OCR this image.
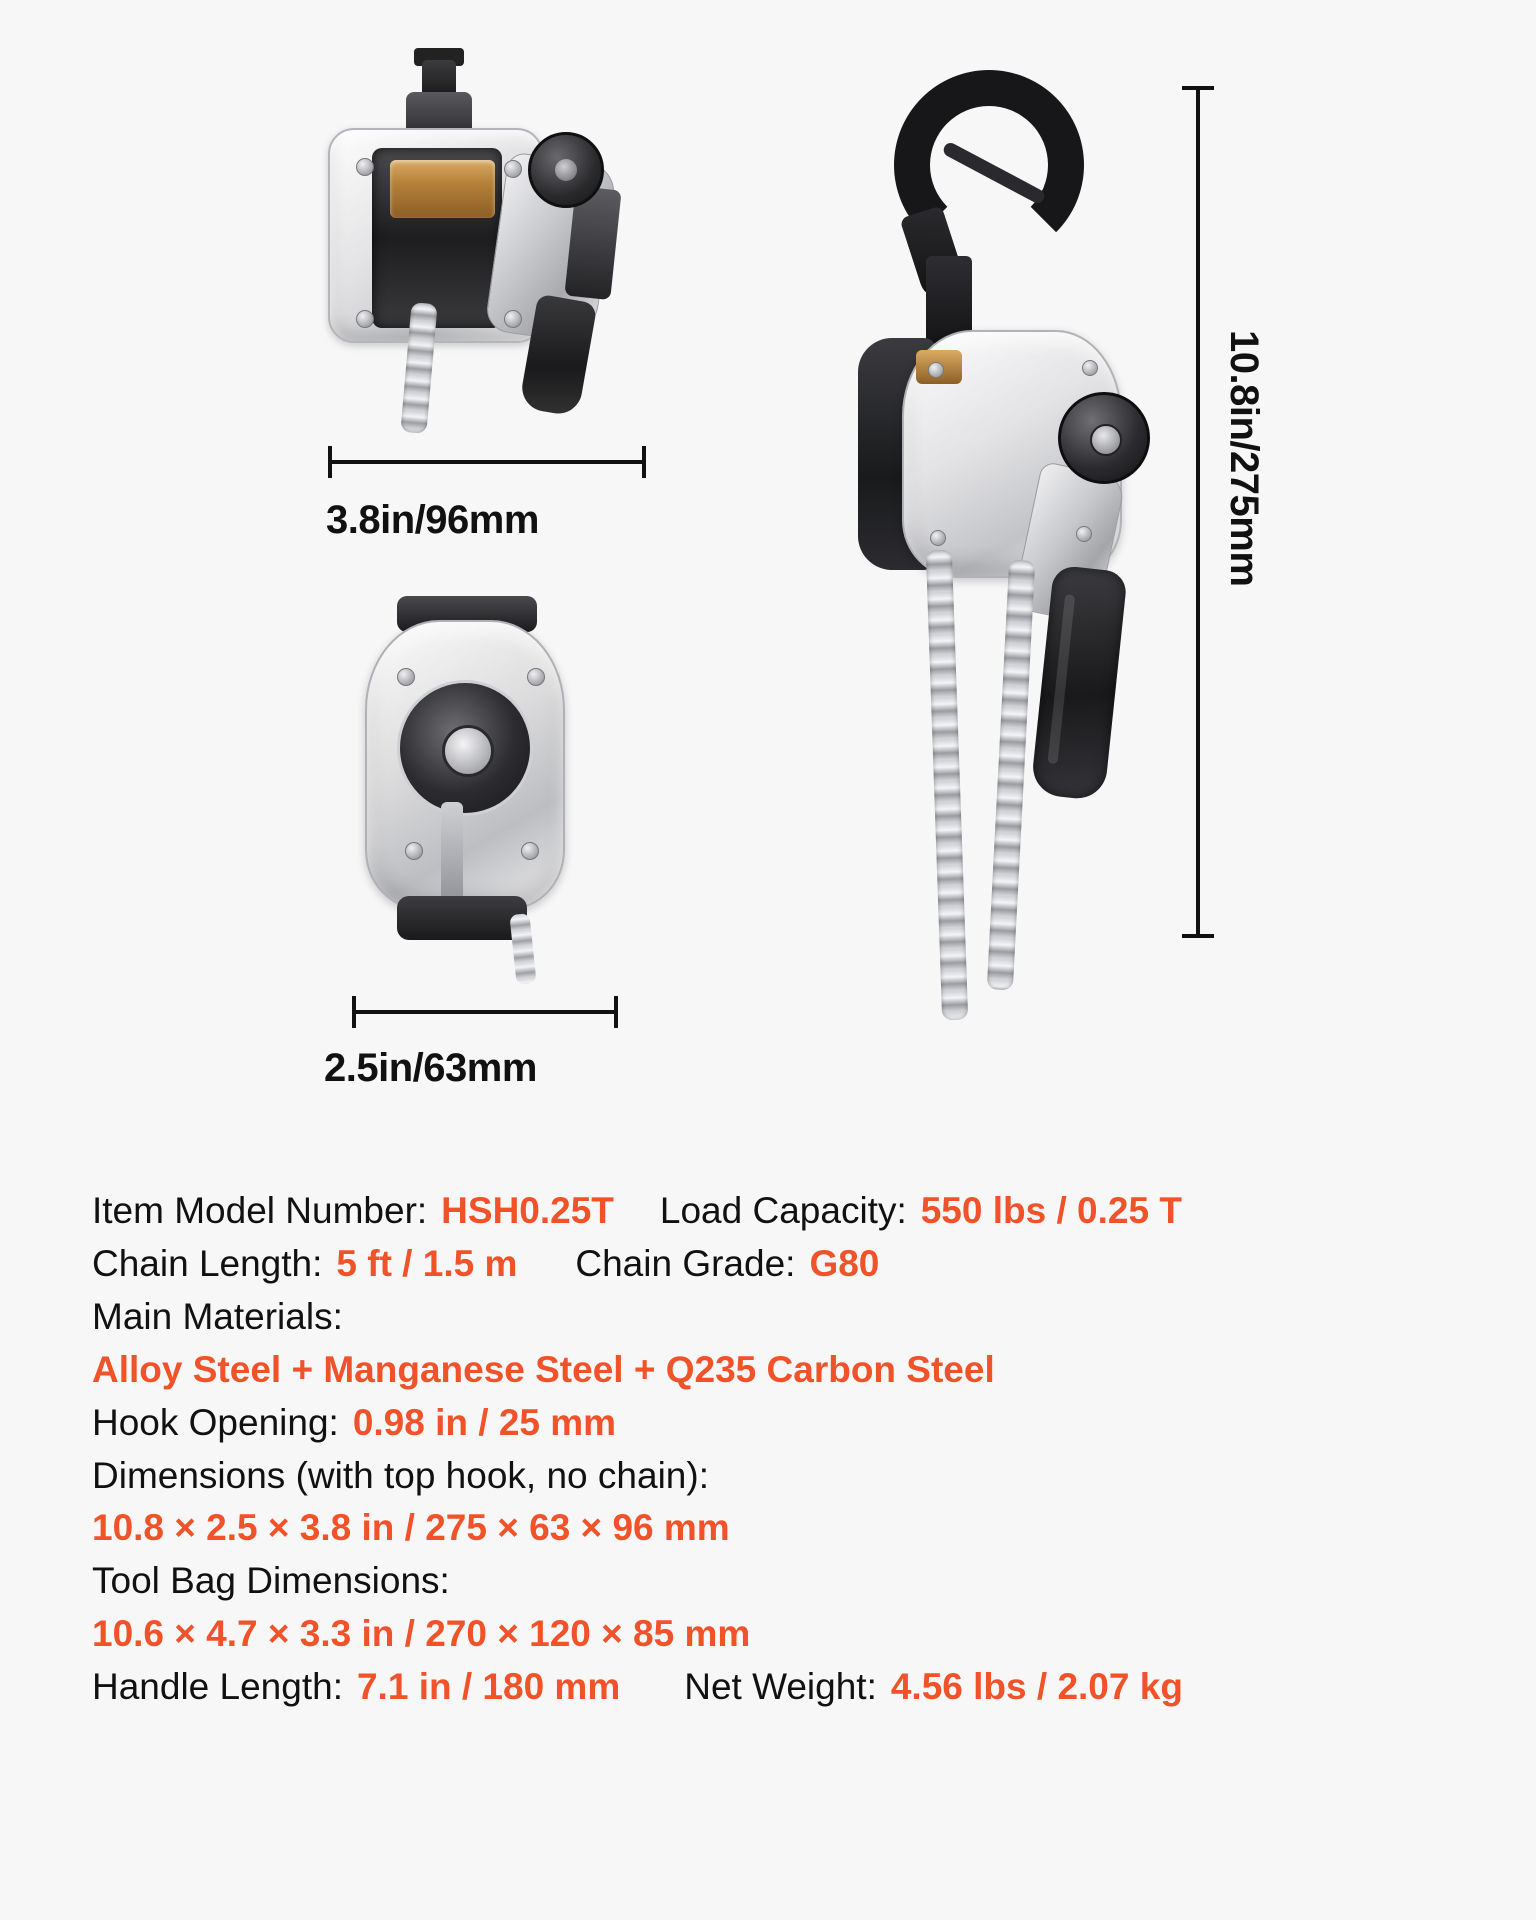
3.8in/96mm
2.5in/63mm
10.8in/275mm
Item Model Number: HSH0.25T Load Capacity: 550 lbs / 0.25 T
Chain Length: 5 ft / 1.5 m Chain Grade: G80
Main Materials:
Alloy Steel + Manganese Steel + Q235 Carbon Steel
Hook Opening: 0.98 in / 25 mm
Dimensions (with top hook, no chain):
10.8 × 2.5 × 3.8 in / 275 × 63 × 96 mm
Tool Bag Dimensions:
10.6 × 4.7 × 3.3 in / 270 × 120 × 85 mm
Handle Length: 7.1 in / 180 mm Net Weight: 4.56 lbs / 2.07 kg
